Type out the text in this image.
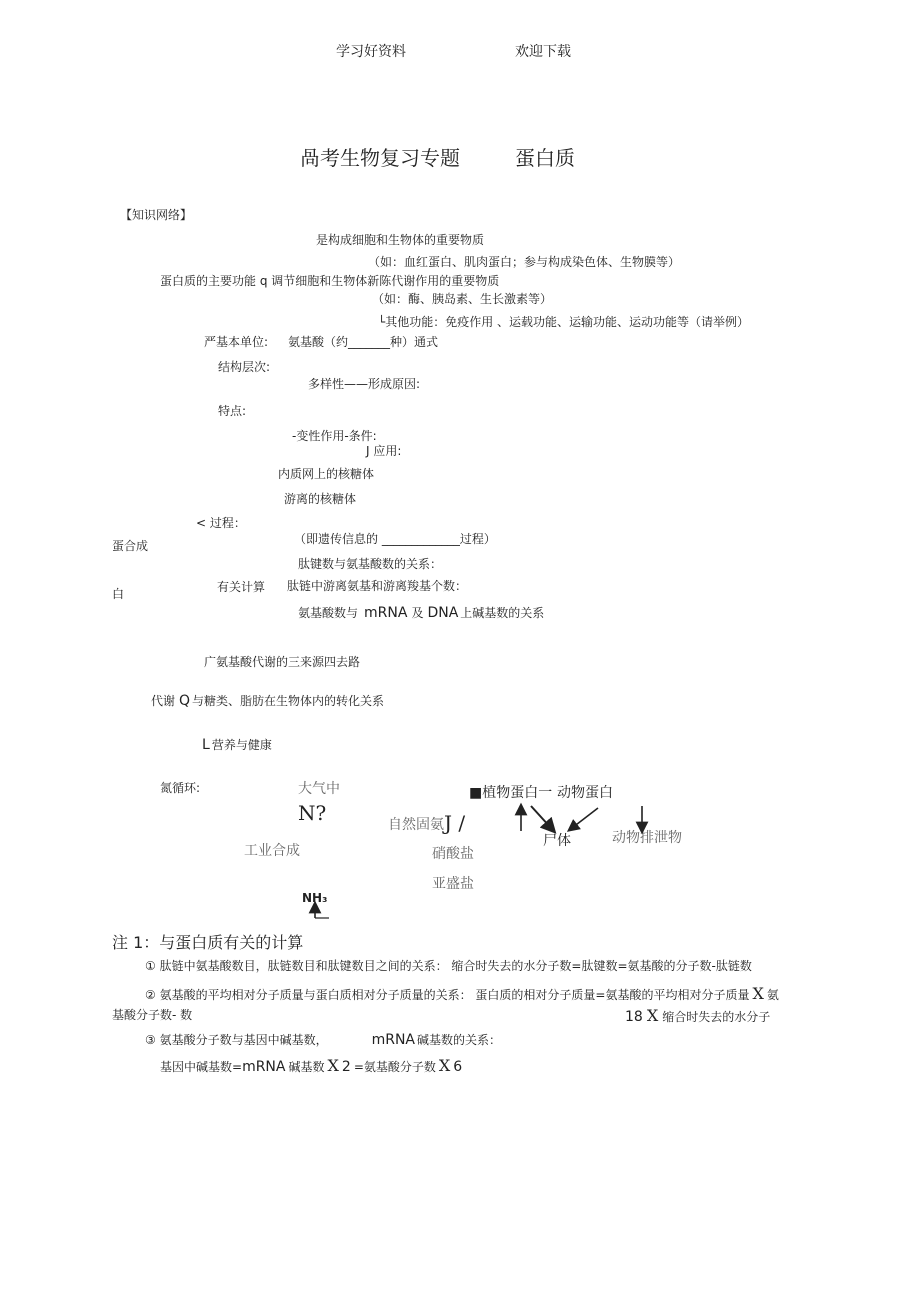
学习好资料	欢迎下载
咼考生物复习专题	蛋白质
【知识网络】
是构成细胞和生物体的重要物质
（如：血红蛋白、肌肉蛋白；参与构成染色体、生物膜等）
蛋白质的主要功能 q 调节细胞和生物体新陈代谢作用的重要物质
（如：酶、胰岛素、生长激素等）
└其他功能：免疫作用 、运载功能、运输功能、运动功能等（请举例）
严基本单位: 氨基酸（约_______种）通式
结构层次:
多样性——形成原因:
特点:
-变性作用-条件:
J 应用:
内质网上的核糖体
游离的核糖体
< 过程：
蛋合成	（即遗传信息的 _____________过程）
肽键数与氨基酸数的关系：
有关计算 肽链中游离氨基和游离羧基个数：
白
氨基酸数与 mRNA 及 DNA 上碱基数的关系
广氨基酸代谢的三来源四去路
代谢 Q 与糖类、脂肪在生物体内的转化关系
L 营养与健康
氮循环:	大气中
N?
■植物蛋白一 动物蛋白
自然固氨 J /
尸体	动物排泄物
工业合成	硝酸盐
亚盛盐
NH₃
注 1：与蛋白质有关的计算
① 肽链中氨基酸数目，肽链数目和肽键数目之间的关系： 缩合时失去的水分子数=肽键数=氨基酸的分子数-肽链数
② 氨基酸的平均相对分子质量与蛋白质相对分子质量的关系： 蛋白质的相对分子质量=氨基酸的平均相对分子质量 X 氨
基酸分子数- 数	18 X 缩合时失去的水分子
③ 氨基酸分子数与基因中碱基数，	mRNA 碱基数的关系：
基因中碱基数=mRNA 碱基数 X 2 =氨基酸分子数 X 6
